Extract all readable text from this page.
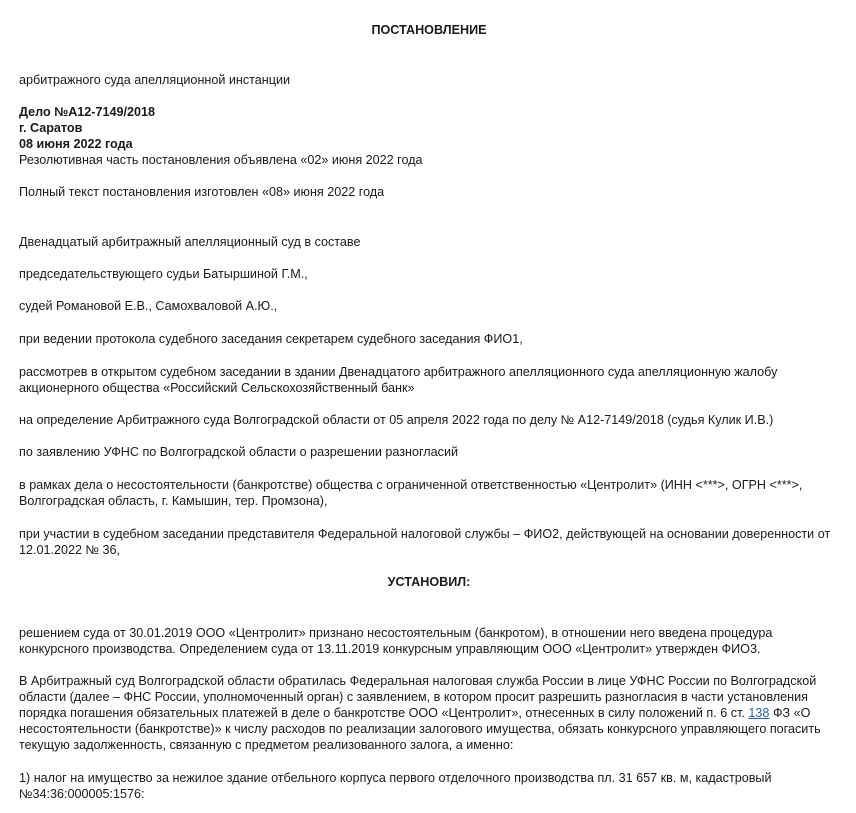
ПОСТАНОВЛЕНИЕ

арбитражного суда апелляционной инстанции

Дело №А12-7149/2018

г. Саратов

08 июня 2022 года

Резолютивная часть постановления объявлена «02» июня 2022 года

Полный текст постановления изготовлен «08» июня 2022 года

Двенадцатый арбитражный апелляционный суд в составе

председательствующего судьи Батыршиной Г.М.,

судей Романовой Е.В., Самохваловой А.Ю.,

при ведении протокола судебного заседания секретарем судебного заседания ФИО1,

рассмотрев в открытом судебном заседании в здании Двенадцатого арбитражного апелляционного суда апелляционную жалобу

акционерного общества «Российский Сельскохозяйственный банк»

на определение Арбитражного суда Волгоградской области от 05 апреля 2022 года по делу № А12-7149/2018 (судья Кулик И.В.)

по заявлению УФНС по Волгоградской области о разрешении разногласий

в рамках дела о несостоятельности (банкротстве) общества с ограниченной ответственностью «Центролит» (ИНН <***>, ОГРН <***>,

Волгоградская область, г. Камышин, тер. Промзона),

при участии в судебном заседании представителя Федеральной налоговой службы – ФИО2, действующей на основании доверенности от

12.01.2022 № 36,

УСТАНОВИЛ:

решением суда от 30.01.2019 ООО «Центролит» признано несостоятельным (банкротом), в отношении него введена процедура

конкурсного производства. Определением суда от 13.11.2019 конкурсным управляющим ООО «Центролит» утвержден ФИО3.

В Арбитражный суд Волгоградской области обратилась Федеральная налоговая служба России в лице УФНС России по Волгоградской

области (далее – ФНС России, уполномоченный орган) с заявлением, в котором просит разрешить разногласия в части установления

порядка погашения обязательных платежей в деле о банкротстве ООО «Центролит», отнесенных в силу положений п. 6 ст. 138 ФЗ «О

несостоятельности (банкротстве)» к числу расходов по реализации залогового имущества, обязать конкурсного управляющего погасить

текущую задолженность, связанную с предметом реализованного залога, а именно:

1) налог на имущество за нежилое здание отбельного корпуса первого отделочного производства пл. 31 657 кв. м, кадастровый

№34:36:000005:1576:
